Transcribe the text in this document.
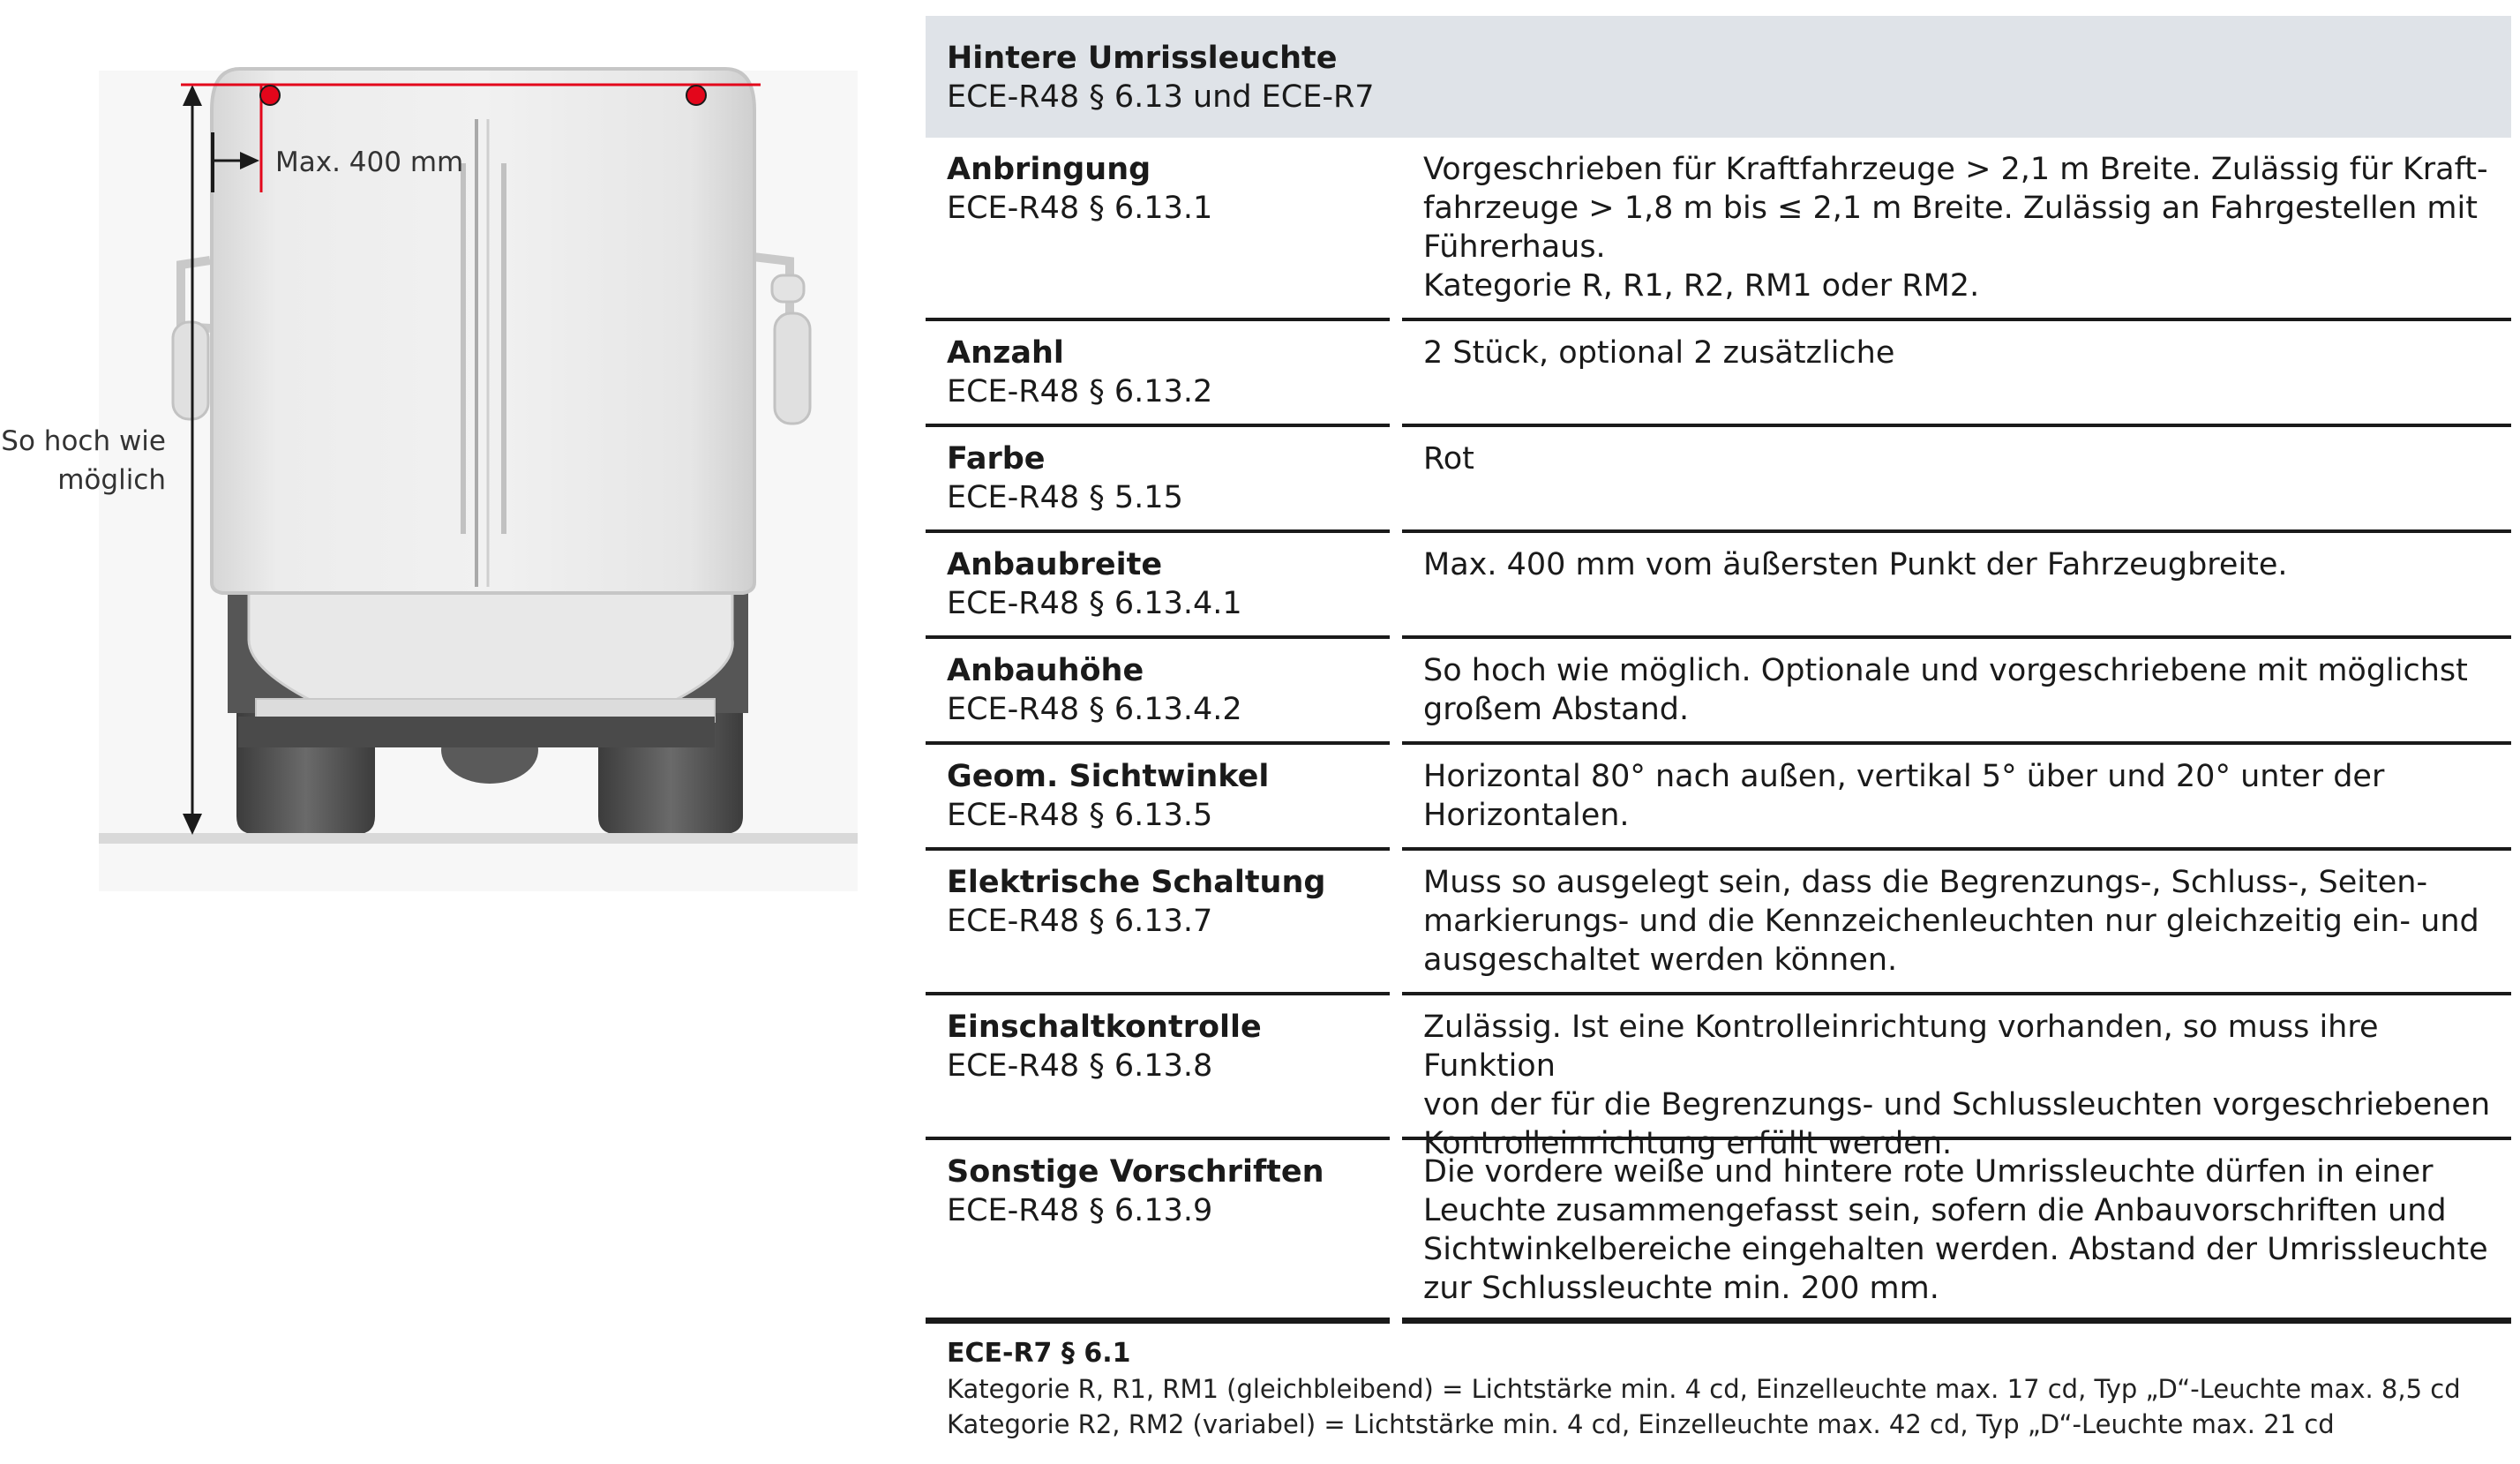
Max. 400 mm
So hoch wie
möglich
Hintere Umrissleuchte
ECE-R48 § 6.13 und ECE-R7
Anbringung
ECE-R48 § 6.13.1
Vorgeschrieben für Kraftfahrzeuge > 2,1 m Breite. Zulässig für Kraft-
fahrzeuge > 1,8 m bis ≤ 2,1 m Breite. Zulässig an Fahrgestellen mit
Führerhaus.
Kategorie R, R1, R2, RM1 oder RM2.
Anzahl
ECE-R48 § 6.13.2
2 Stück, optional 2 zusätzliche
Farbe
ECE-R48 § 5.15
Rot
Anbaubreite
ECE-R48 § 6.13.4.1
Max. 400 mm vom äußersten Punkt der Fahrzeugbreite.
Anbauhöhe
ECE-R48 § 6.13.4.2
So hoch wie möglich. Optionale und vorgeschriebene mit möglichst
großem Abstand.
Geom. Sichtwinkel
ECE-R48 § 6.13.5
Horizontal 80° nach außen, vertikal 5° über und 20° unter der
Horizontalen.
Elektrische Schaltung
ECE-R48 § 6.13.7
Muss so ausgelegt sein, dass die Begrenzungs-, Schluss-, Seiten-
markierungs- und die Kennzeichenleuchten nur gleichzeitig ein- und
ausgeschaltet werden können.
Einschaltkontrolle
ECE-R48 § 6.13.8
Zulässig. Ist eine Kontrolleinrichtung vorhanden, so muss ihre Funktion
von der für die Begrenzungs- und Schlussleuchten vorgeschriebenen
Kontrolleinrichtung erfüllt werden.
Sonstige Vorschriften
ECE-R48 § 6.13.9
Die vordere weiße und hintere rote Umrissleuchte dürfen in einer
Leuchte zusammengefasst sein, sofern die Anbauvorschriften und
Sichtwinkelbereiche eingehalten werden. Abstand der Umrissleuchte
zur Schlussleuchte min. 200 mm.
ECE-R7 § 6.1
Kategorie R, R1, RM1 (gleichbleibend) = Lichtstärke min. 4 cd, Einzelleuchte max. 17 cd, Typ „D“-Leuchte max. 8,5 cd
Kategorie R2, RM2 (variabel) = Lichtstärke min. 4 cd, Einzelleuchte max. 42 cd, Typ „D“-Leuchte max. 21 cd
